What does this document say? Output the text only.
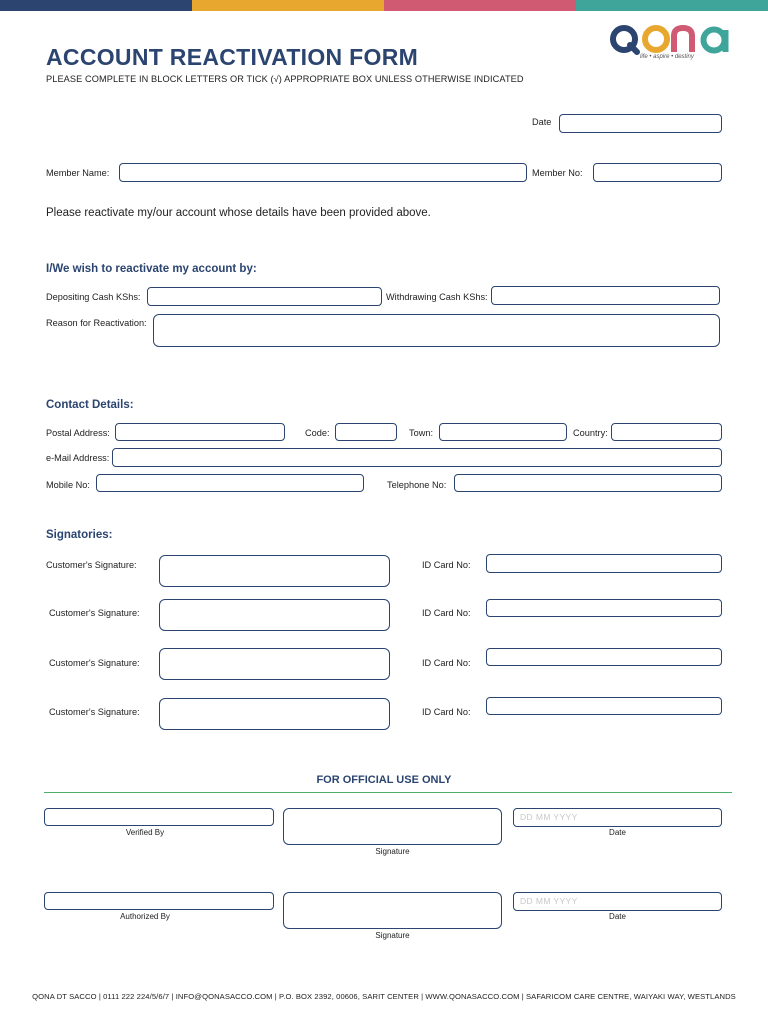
life • aspire • destiny
ACCOUNT REACTIVATION FORM
PLEASE COMPLETE IN BLOCK LETTERS OR TICK (√) APPROPRIATE BOX UNLESS OTHERWISE INDICATED
Date
Member Name:	Member No:
Please reactivate my/our account whose details have been provided above.
I/We wish to reactivate my account by:
Depositing Cash KShs:	Withdrawing Cash KShs:
Reason for Reactivation:
Contact Details:
Postal Address:	Code:	Town:	Country:
e-Mail Address:
Mobile No:	Telephone No:
Signatories:
Customer's Signature:	ID Card No:
Customer's Signature:	ID Card No:
Customer's Signature:	ID Card No:
Customer's Signature:	ID Card No:
FOR OFFICIAL USE ONLY
Verified By
Signature
DD MM YYYY
Date
Authorized By
Signature
DD MM YYYY
Date
QONA DT SACCO | 0111 222 224/5/6/7 | INFO@QONASACCO.COM | P.O. BOX 2392, 00606, SARIT CENTER | WWW.QONASACCO.COM | SAFARICOM CARE CENTRE, WAIYAKI WAY, WESTLANDS
